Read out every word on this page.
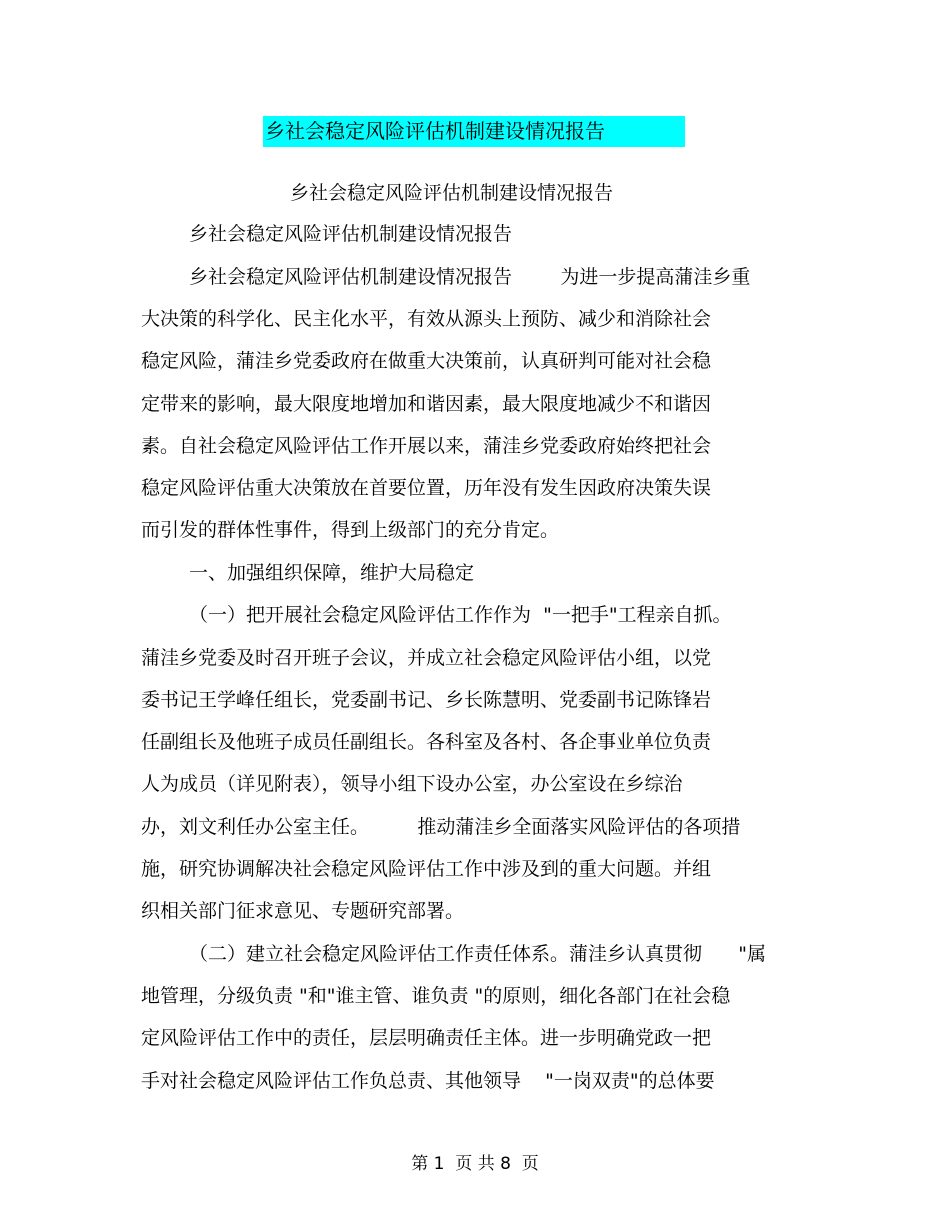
乡社会稳定风险评估机制建设情况报告
乡社会稳定风险评估机制建设情况报告
乡社会稳定风险评估机制建设情况报告
乡社会稳定风险评估机制建设情况报告        为进一步提高蒲洼乡重
大决策的科学化、民主化水平，有效从源头上预防、减少和消除社会
稳定风险，蒲洼乡党委政府在做重大决策前，认真研判可能对社会稳
定带来的影响，最大限度地增加和谐因素，最大限度地减少不和谐因
素。自社会稳定风险评估工作开展以来，蒲洼乡党委政府始终把社会
稳定风险评估重大决策放在首要位置，历年没有发生因政府决策失误
而引发的群体性事件，得到上级部门的充分肯定。
一、加强组织保障，维护大局稳定
（一）把开展社会稳定风险评估工作作为  "一把手"工程亲自抓。
蒲洼乡党委及时召开班子会议，并成立社会稳定风险评估小组，以党
委书记王学峰任组长，党委副书记、乡长陈慧明、党委副书记陈锋岩
任副组长及他班子成员任副组长。各科室及各村、各企事业单位负责
人为成员（详见附表），领导小组下设办公室，办公室设在乡综治
办，刘文利任办公室主任。        推动蒲洼乡全面落实风险评估的各项措
施，研究协调解决社会稳定风险评估工作中涉及到的重大问题。并组
织相关部门征求意见、专题研究部署。
（二）建立社会稳定风险评估工作责任体系。蒲洼乡认真贯彻      "属
地管理，分级负责 "和"谁主管、谁负责 "的原则，细化各部门在社会稳
定风险评估工作中的责任，层层明确责任主体。进一步明确党政一把
手对社会稳定风险评估工作负总责、其他领导    "一岗双责"的总体要
第 1  页 共 8  页
